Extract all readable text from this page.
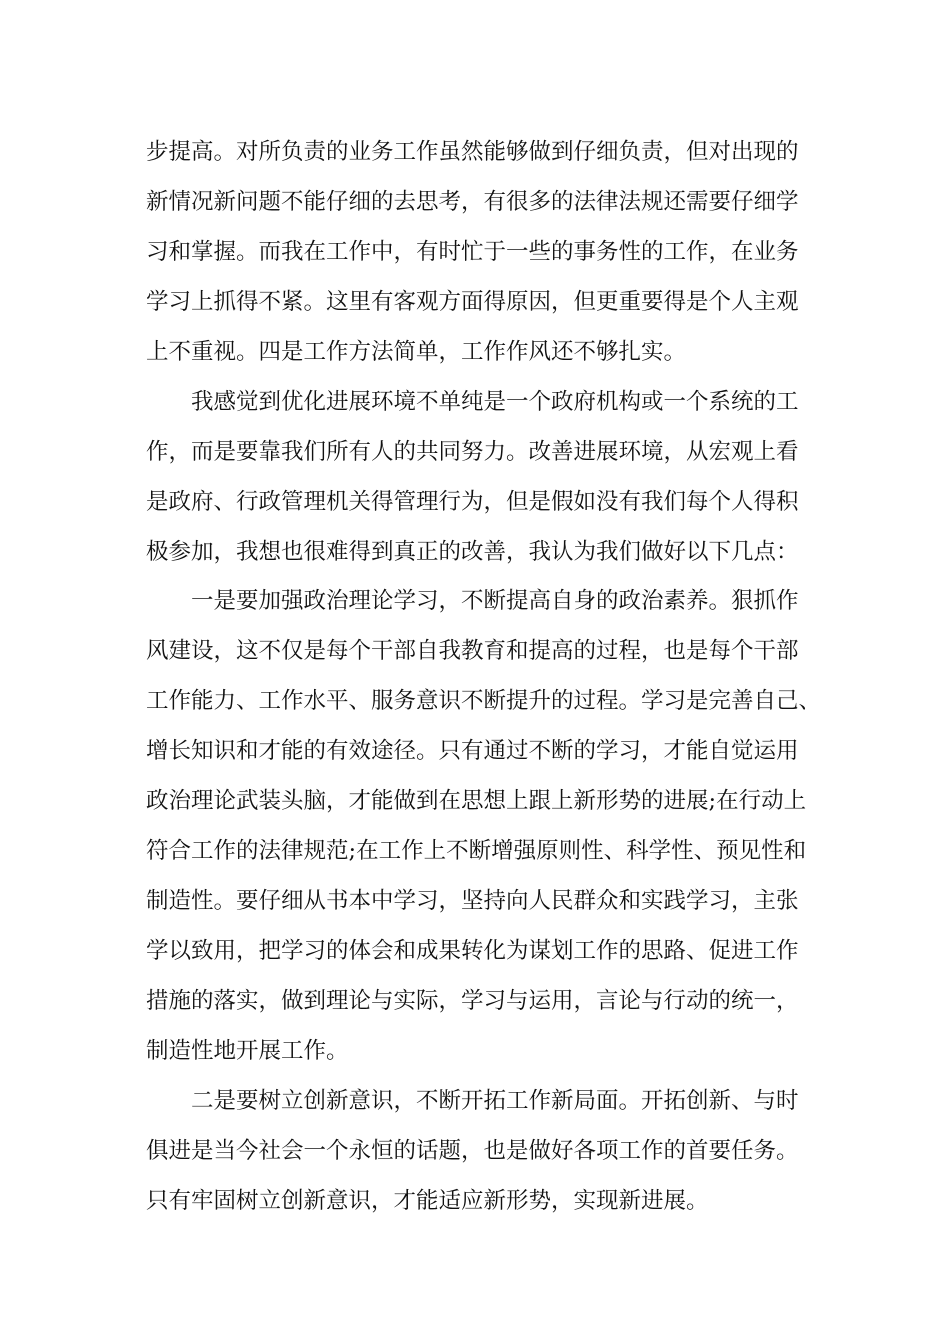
步提高。对所负责的业务工作虽然能够做到仔细负责，但对出现的
新情况新问题不能仔细的去思考，有很多的法律法规还需要仔细学
习和掌握。而我在工作中，有时忙于一些的事务性的工作，在业务
学习上抓得不紧。这里有客观方面得原因，但更重要得是个人主观
上不重视。四是工作方法简单，工作作风还不够扎实。
我感觉到优化进展环境不单纯是一个政府机构或一个系统的工
作，而是要靠我们所有人的共同努力。改善进展环境，从宏观上看
是政府、行政管理机关得管理行为，但是假如没有我们每个人得积
极参加，我想也很难得到真正的改善，我认为我们做好以下几点：
一是要加强政治理论学习，不断提高自身的政治素养。狠抓作
风建设，这不仅是每个干部自我教育和提高的过程，也是每个干部
工作能力、工作水平、服务意识不断提升的过程。学习是完善自己、
增长知识和才能的有效途径。只有通过不断的学习，才能自觉运用
政治理论武装头脑，才能做到在思想上跟上新形势的进展;在行动上
符合工作的法律规范;在工作上不断增强原则性、科学性、预见性和
制造性。要仔细从书本中学习，坚持向人民群众和实践学习，主张
学以致用，把学习的体会和成果转化为谋划工作的思路、促进工作
措施的落实，做到理论与实际，学习与运用，言论与行动的统一，
制造性地开展工作。
二是要树立创新意识，不断开拓工作新局面。开拓创新、与时
俱进是当今社会一个永恒的话题，也是做好各项工作的首要任务。
只有牢固树立创新意识，才能适应新形势，实现新进展。
